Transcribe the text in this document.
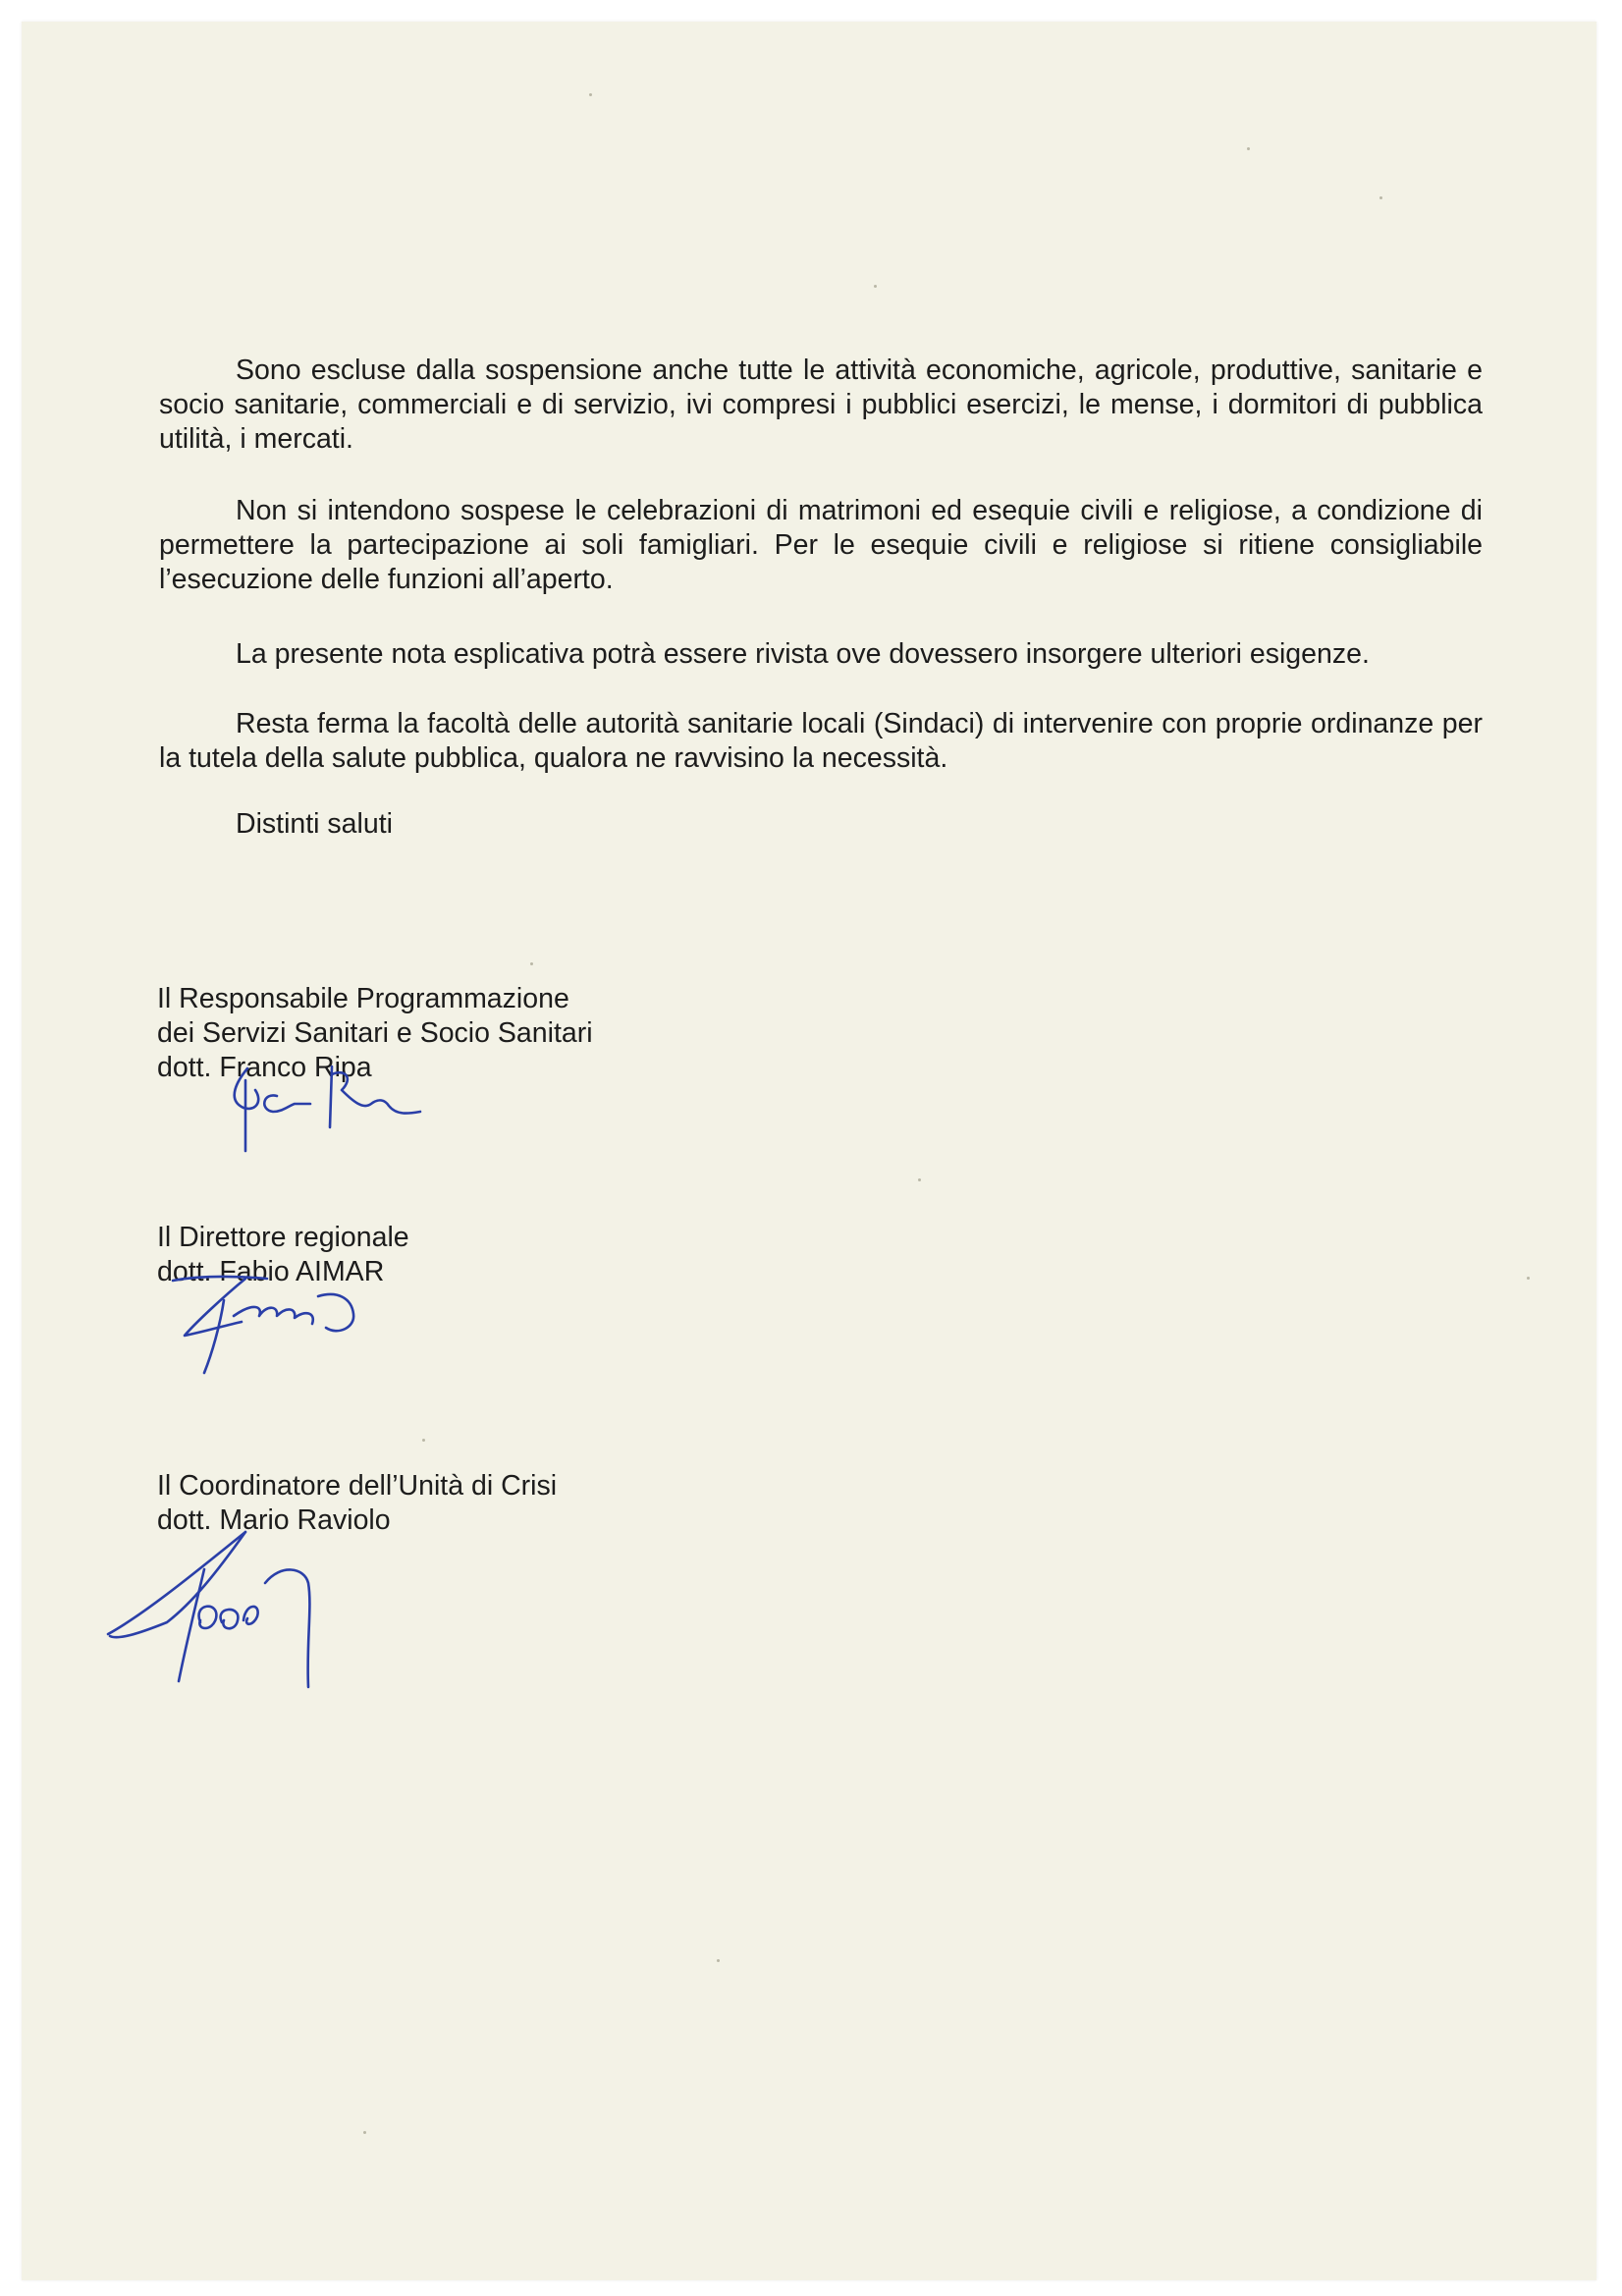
Sono escluse dalla sospensione anche tutte le attività economiche, agricole, produttive, sanitarie e socio sanitarie, commerciali e di servizio, ivi compresi i pubblici esercizi, le mense, i dormitori di pubblica utilità, i mercati.

Non si intendono sospese le celebrazioni di matrimoni ed esequie civili e religiose, a condizione di permettere la partecipazione ai soli famigliari. Per le esequie civili e religiose si ritiene consigliabile l’esecuzione delle funzioni all’aperto.

La presente nota esplicativa potrà essere rivista ove dovessero insorgere ulteriori esigenze.

Resta ferma la facoltà delle autorità sanitarie locali (Sindaci) di intervenire con proprie ordinanze per la tutela della salute pubblica, qualora ne ravvisino la necessità.

Distinti saluti

Il Responsabile Programmazione
dei Servizi Sanitari e Socio Sanitari
dott. Franco Ripa
Il Direttore regionale
dott. Fabio AIMAR
Il Coordinatore dell’Unità di Crisi
dott. Mario Raviolo
